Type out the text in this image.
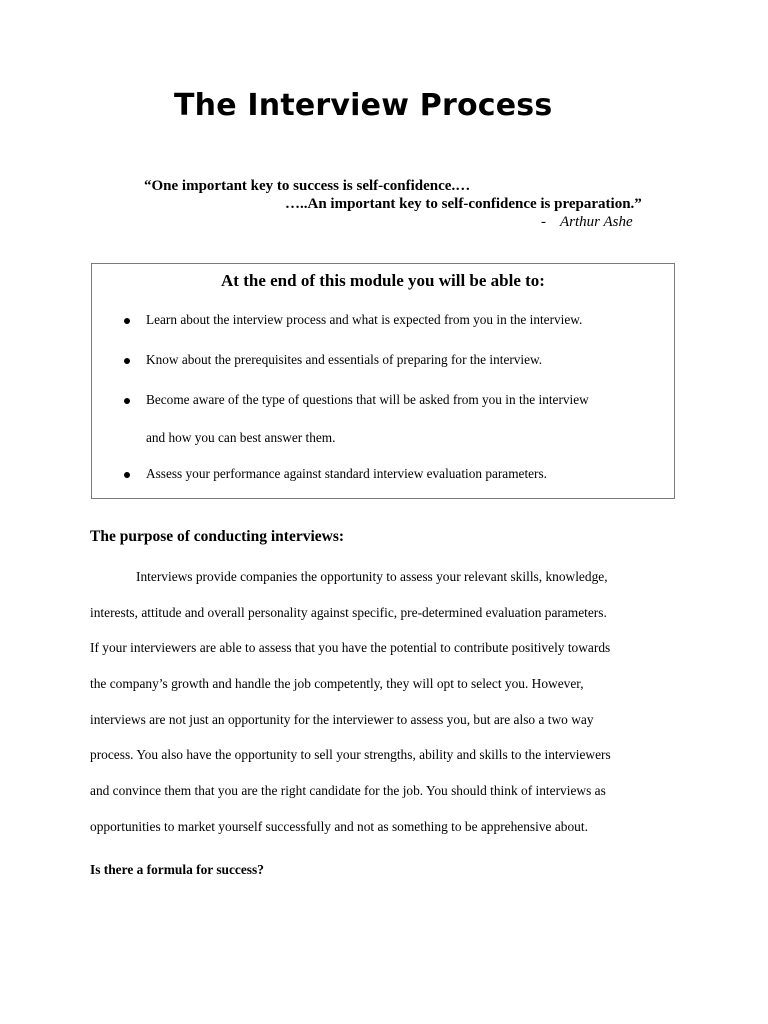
The Interview Process
“One important key to success is self-confidence.…
…..An important key to self-confidence is preparation.”
- Arthur Ashe
At the end of this module you will be able to:
Learn about the interview process and what is expected from you in the interview.
Know about the prerequisites and essentials of preparing for the interview.
Become aware of the type of questions that will be asked from you in the interview
and how you can best answer them.
Assess your performance against standard interview evaluation parameters.
The purpose of conducting interviews:
Interviews provide companies the opportunity to assess your relevant skills, knowledge,
interests, attitude and overall personality against specific, pre-determined evaluation parameters.
If your interviewers are able to assess that you have the potential to contribute positively towards
the company’s growth and handle the job competently, they will opt to select you. However,
interviews are not just an opportunity for the interviewer to assess you, but are also a two way
process. You also have the opportunity to sell your strengths, ability and skills to the interviewers
and convince them that you are the right candidate for the job. You should think of interviews as
opportunities to market yourself successfully and not as something to be apprehensive about.
Is there a formula for success?
